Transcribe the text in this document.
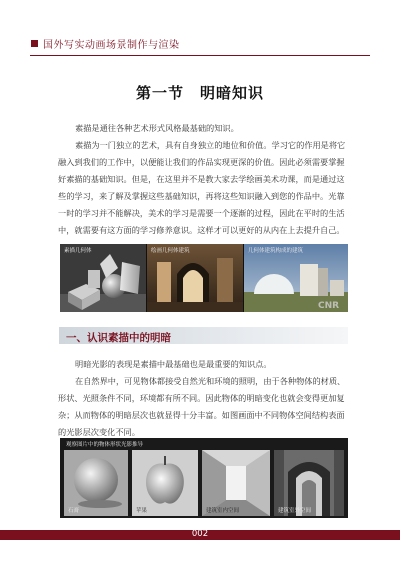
国外写实动画场景制作与渲染
第一节　明暗知识
素描是通往各种艺术形式风格最基础的知识。
素描为一门独立的艺术，具有自身独立的地位和价值。学习它的作用是将它融入到我们的工作中，以便能让我们的作品实现更深的价值。因此必须需要掌握好素描的基础知识。但是，在这里并不是教大家去学绘画美术功课，而是通过这些的学习，来了解及掌握这些基础知识，再将这些知识融入到您的作品中。光靠一时的学习并不能解决，美术的学习是需要一个逐渐的过程，因此在平时的生活中，就需要有这方面的学习修养意识。这样才可以更好的从内在上去提升自己。
素描几何体	绘画几何体建筑
CNR
几何体建筑构成的建筑
一、认识素描中的明暗
明暗光影的表现是素描中最基础也是最重要的知识点。
在自然界中，可见物体都接受自然光和环境的照明，由于各种物体的材质、形状、光照条件不同，环境都有所不同。因此物体的明暗变化也就会变得更加复杂；从而物体的明暗层次也就显得十分丰富。如图画面中不同物体空间结构表面的光影层次变化不同。
观察图片中的物体形状光影推导
石膏	苹果	建筑室内空间	建筑室外空间
002
